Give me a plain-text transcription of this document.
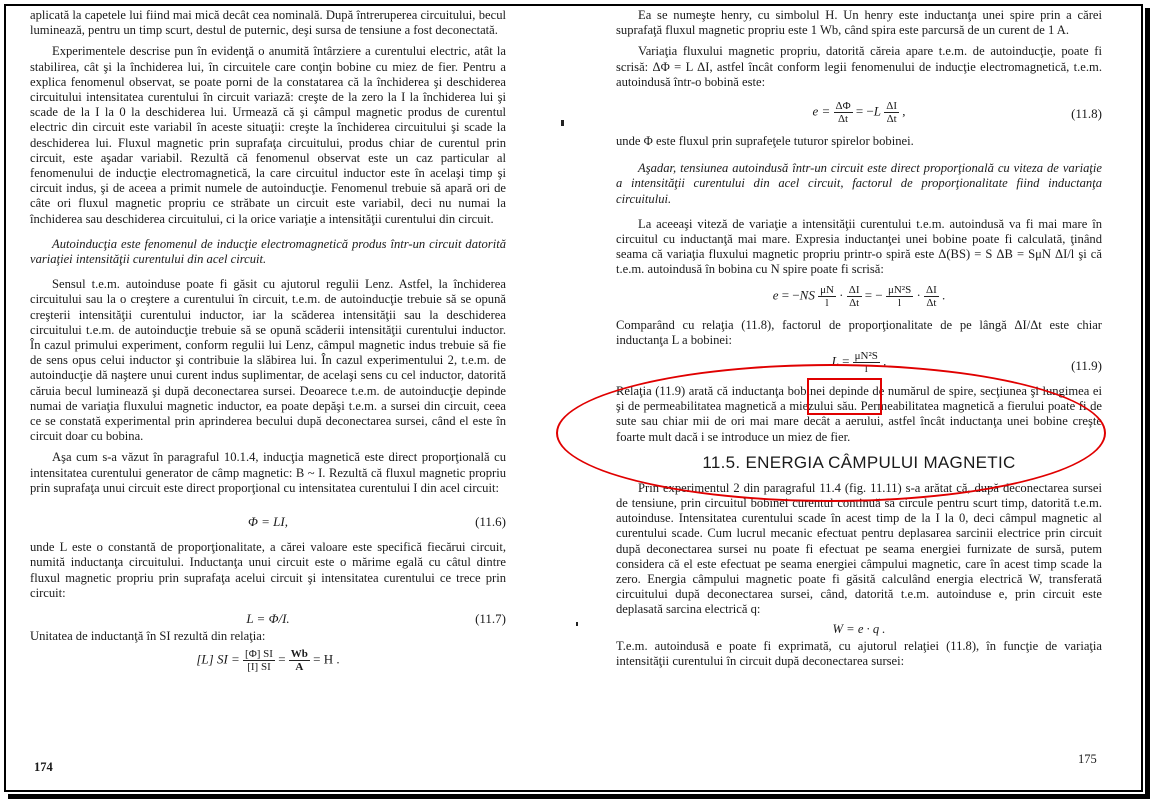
aplicată la capetele lui fiind mai mică decât cea nominală. După întreruperea circuitului, becul luminează, pentru un timp scurt, destul de puternic, deşi sursa de tensiune a fost deconectată.

Experimentele descrise pun în evidenţă o anumită întârziere a curentului electric, atât la stabilirea, cât şi la închiderea lui, în circuitele care conţin bobine cu miez de fier. Pentru a explica fenomenul observat, se poate porni de la constatarea că la închiderea şi deschiderea circuitului intensitatea curentului în circuit variază: creşte de la zero la I la închiderea lui şi scade de la I la 0 la deschiderea lui. Urmează că şi câmpul magnetic produs de curentul electric din circuit este variabil în aceste situaţii: creşte la închiderea circuitului şi scade la deschiderea lui. Fluxul magnetic prin suprafaţa circuitului, produs chiar de curentul prin circuit, este aşadar variabil. Rezultă că fenomenul observat este un caz particular al fenomenului de inducţie electromagnetică, la care circuitul inductor este în acelaşi timp şi circuit indus, şi de aceea a primit numele de autoinducţie. Fenomenul trebuie să apară ori de câte ori fluxul magnetic propriu ce străbate un circuit este variabil, deci nu numai la închiderea sau deschiderea circuitului, ci la orice variaţie a intensităţii curentului din circuit.

Autoinducţia este fenomenul de inducţie electromagnetică produs într-un circuit datorită variaţiei intensităţii curentului din acel circuit.

Sensul t.e.m. autoinduse poate fi găsit cu ajutorul regulii Lenz. Astfel, la închiderea circuitului sau la o creştere a curentului în circuit, t.e.m. de autoinducţie trebuie să se opună creşterii intensităţii curentului inductor, iar la scăderea intensităţii sau la deschiderea circuitului t.e.m. de autoinducţie trebuie să se opună scăderii intensităţii curentului inductor. În cazul primului experiment, conform regulii lui Lenz, câmpul magnetic indus trebuie să fie de sens opus celui inductor şi contribuie la slăbirea lui. În cazul experimentului 2, t.e.m. de autoinducţie dă naştere unui curent indus suplimentar, de acelaşi sens cu cel inductor, datorită căruia becul luminează şi după deconectarea sursei. Deoarece t.e.m. de autoinducţie depinde numai de variaţia fluxului magnetic inductor, ea poate depăşi t.e.m. a sursei din circuit, ceea ce se constată experimental prin aprinderea becului după deconectarea sursei, când el este în circuit doar cu bobina.

Aşa cum s-a văzut în paragraful 10.1.4, inducţia magnetică este direct proporţională cu intensitatea curentului generator de câmp magnetic: B ~ I. Rezultă că fluxul magnetic propriu prin suprafaţa unui circuit este direct proporţional cu intensitatea curentului I din acel circuit:

Φ = LI,	(11.6)

unde L este o constantă de proporţionalitate, a cărei valoare este specifică fiecărui circuit, numită inductanţa circuitului. Inductanţa unui circuit este o mărime egală cu câtul dintre fluxul magnetic propriu prin suprafaţa acelui circuit şi intensitatea curentului ce trece prin circuit:

L = Φ/I.	(11.7)

Unitatea de inductanţă în SI rezultă din relaţia:

[L] SI = $\frac{[\Phi] SI}{[I] SI} = \frac{Wb}{A} = H$ .
174

Ea se numeşte henry, cu simbolul H. Un henry este inductanţa unei spire prin a cărei suprafaţă fluxul magnetic propriu este 1 Wb, când spira este parcursă de un curent de 1 A.

Variaţia fluxului magnetic propriu, datorită căreia apare t.e.m. de autoinducţie, poate fi scrisă: ΔΦ = L ΔI, astfel încât conform legii fenomenului de inducţie electromagnetică, t.e.m. autoindusă într-o bobină este:

$e = \frac{\Delta\Phi}{\Delta t} = -L \frac{\Delta I}{\Delta t}$ ,	(11.8)

unde Φ este fluxul prin suprafeţele tuturor spirelor bobinei.

Aşadar, tensiunea autoindusă într-un circuit este direct proporţională cu viteza de variaţie a intensităţii curentului din acel circuit, factorul de proporţionalitate fiind inductanţa circuitului.

La aceeaşi viteză de variaţie a intensităţii curentului t.e.m. autoindusă va fi mai mare în circuitul cu inductanţă mai mare. Expresia inductanţei unei bobine poate fi calculată, ţinând seama că variaţia fluxului magnetic propriu printr-o spiră este Δ(BS) = S ΔB = SμN ΔI/l şi că t.e.m. autoindusă în bobina cu N spire poate fi scrisă:

$e = -NS \frac{\mu N}{l} \cdot \frac{\Delta I}{\Delta t}$ = − $\frac{\text{μN²S}}{l} \cdot \frac{\Delta I}{\Delta t}$ .

Comparând cu relaţia (11.8), factorul de proporţionalitate de pe lângă ΔI/Δt este chiar inductanţa L a bobinei:

$L = \frac{\text{μN²S}}{l}$ .	(11.9)

Relaţia (11.9) arată că inductanţa bobinei depinde de numărul de spire, secţiunea şi lungimea ei şi de permeabilitatea magnetică a miezului său. Permeabilitatea magnetică a fierului poate fi de sute sau chiar mii de ori mai mare decât a aerului, astfel încât inductanţa unei bobine creşte foarte mult dacă i se introduce un miez de fier.

11.5. ENERGIA CÂMPULUI MAGNETIC

Prin experimentul 2 din paragraful 11.4 (fig. 11.11) s-a arătat că, după deconectarea sursei de tensiune, prin circuitul bobinei curentul continuă să circule pentru scurt timp, datorită t.e.m. autoinduse. Intensitatea curentului scade în acest timp de la I la 0, deci câmpul magnetic al curentului scade. Cum lucrul mecanic efectuat pentru deplasarea sarcinii electrice prin circuit după deconectarea sursei nu poate fi efectuat pe seama energiei furnizate de sursă, putem considera că el este efectuat pe seama energiei câmpului magnetic, care în acest timp scade la zero. Energia câmpului magnetic poate fi găsită calculând energia electrică W, transferată circuitului după deconectarea sursei, când, datorită t.e.m. autoinduse e, prin circuit este deplasată sarcina electrică q:

W = e · q .

T.e.m. autoindusă e poate fi exprimată, cu ajutorul relaţiei (11.8), în funcţie de variaţia intensităţii curentului în circuit după deconectarea sursei:

175
